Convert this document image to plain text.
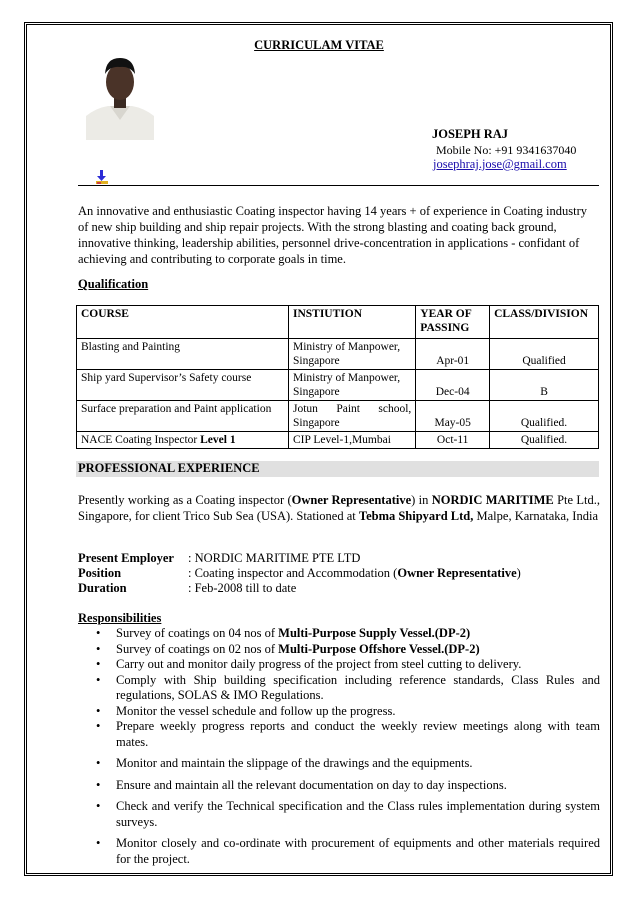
CURRICULAM VITAE
JOSEPH RAJ
Mobile No: +91 9341637040
josephraj.jose@gmail.com
An innovative and enthusiastic Coating inspector having 14 years + of experience in Coating industry of new ship building and ship repair projects. With the strong blasting and coating back ground, innovative thinking, leadership abilities, personnel drive-concentration in applications - confidant of achieving and contributing to corporate goals in time.
Qualification
COURSE	INSTIUTION	YEAR OF PASSING	CLASS/DIVISION
Blasting and Painting	Ministry of Manpower, Singapore	Apr-01	Qualified
Ship yard Supervisor’s Safety course	Ministry of Manpower, Singapore	Dec-04	B
Surface preparation and Paint application	Jotun Paint school, Singapore	May-05	Qualified.
NACE Coating Inspector Level 1	CIP Level-1,Mumbai	Oct-11	Qualified.
PROFESSIONAL EXPERIENCE
Presently working as a Coating inspector (Owner Representative) in NORDIC MARITIME Pte Ltd., Singapore, for client Trico Sub Sea (USA). Stationed at Tebma Shipyard Ltd, Malpe, Karnataka, India
Present Employer : NORDIC MARITIME PTE LTD
Position	: Coating inspector and Accommodation (Owner Representative)
Duration	: Feb-2008 till to date
Responsibilities
• Survey of coatings on 04 nos of Multi-Purpose Supply Vessel.(DP-2)
• Survey of coatings on 02 nos of Multi-Purpose Offshore Vessel.(DP-2)
• Carry out and monitor daily progress of the project from steel cutting to delivery.
• Comply with Ship building specification including reference standards, Class Rules and regulations, SOLAS & IMO Regulations.
• Monitor the vessel schedule and follow up the progress.
• Prepare weekly progress reports and conduct the weekly review meetings along with team mates.
• Monitor and maintain the slippage of the drawings and the equipments.
• Ensure and maintain all the relevant documentation on day to day inspections.
• Check and verify the Technical specification and the Class rules implementation during system surveys.
• Monitor closely and co-ordinate with procurement of equipments and other materials required for the project.
